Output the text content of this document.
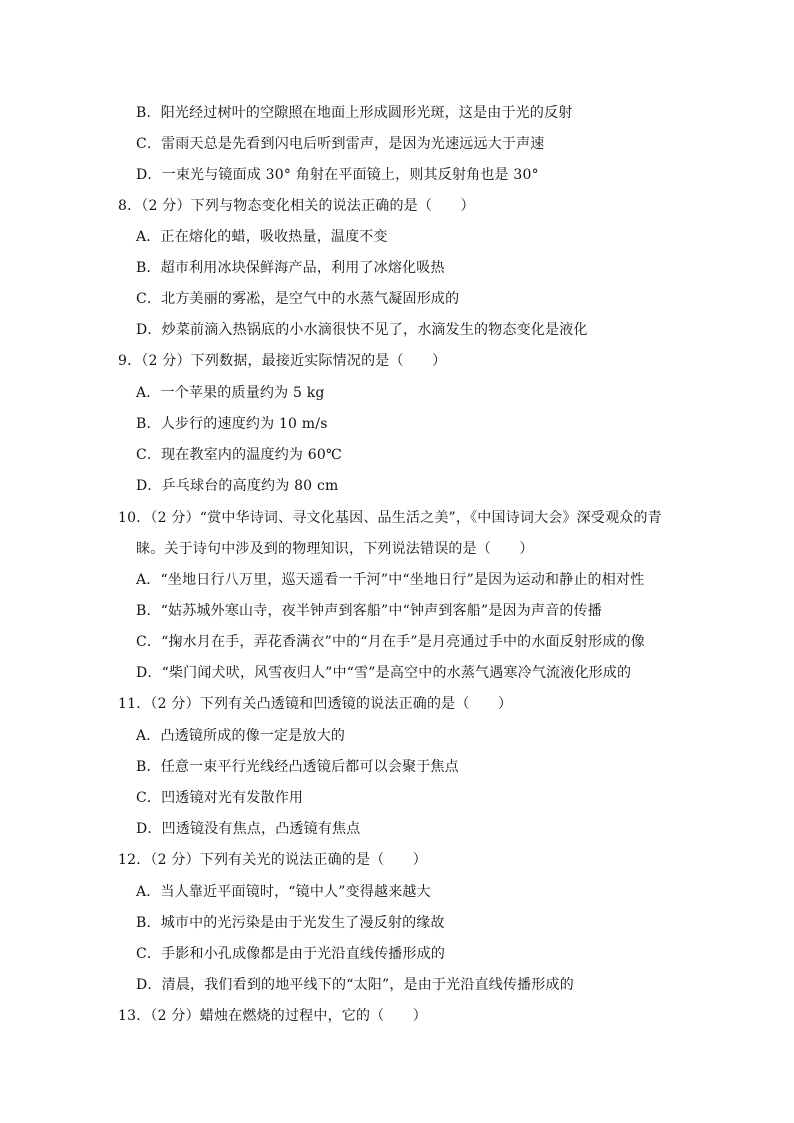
B．阳光经过树叶的空隙照在地面上形成圆形光斑，这是由于光的反射
C．雷雨天总是先看到闪电后听到雷声，是因为光速远远大于声速
D．一束光与镜面成 30° 角射在平面镜上，则其反射角也是 30°
8．（2 分）下列与物态变化相关的说法正确的是（　　）
A．正在熔化的蜡，吸收热量，温度不变
B．超市利用冰块保鲜海产品，利用了冰熔化吸热
C．北方美丽的雾凇，是空气中的水蒸气凝固形成的
D．炒菜前滴入热锅底的小水滴很快不见了，水滴发生的物态变化是液化
9．（2 分）下列数据，最接近实际情况的是（　　）
A．一个苹果的质量约为 5 kg
B．人步行的速度约为 10 m/s
C．现在教室内的温度约为 60℃
D．乒乓球台的高度约为 80 cm
10．（2 分）“赏中华诗词、寻文化基因、品生活之美”，《中国诗词大会》深受观众的青
睐。关于诗句中涉及到的物理知识，下列说法错误的是（　　）
A．“坐地日行八万里，巡天遥看一千河”中“坐地日行”是因为运动和静止的相对性
B．“姑苏城外寒山寺，夜半钟声到客船”中“钟声到客船”是因为声音的传播
C．“掬水月在手，弄花香满衣”中的“月在手”是月亮通过手中的水面反射形成的像
D．“柴门闻犬吠，风雪夜归人”中“雪”是高空中的水蒸气遇寒冷气流液化形成的
11．（2 分）下列有关凸透镜和凹透镜的说法正确的是（　　）
A．凸透镜所成的像一定是放大的
B．任意一束平行光线经凸透镜后都可以会聚于焦点
C．凹透镜对光有发散作用
D．凹透镜没有焦点，凸透镜有焦点
12．（2 分）下列有关光的说法正确的是（　　）
A．当人靠近平面镜时，“镜中人”变得越来越大
B．城市中的光污染是由于光发生了漫反射的缘故
C．手影和小孔成像都是由于光沿直线传播形成的
D．清晨，我们看到的地平线下的“太阳”，是由于光沿直线传播形成的
13．（2 分）蜡烛在燃烧的过程中，它的（　　）
